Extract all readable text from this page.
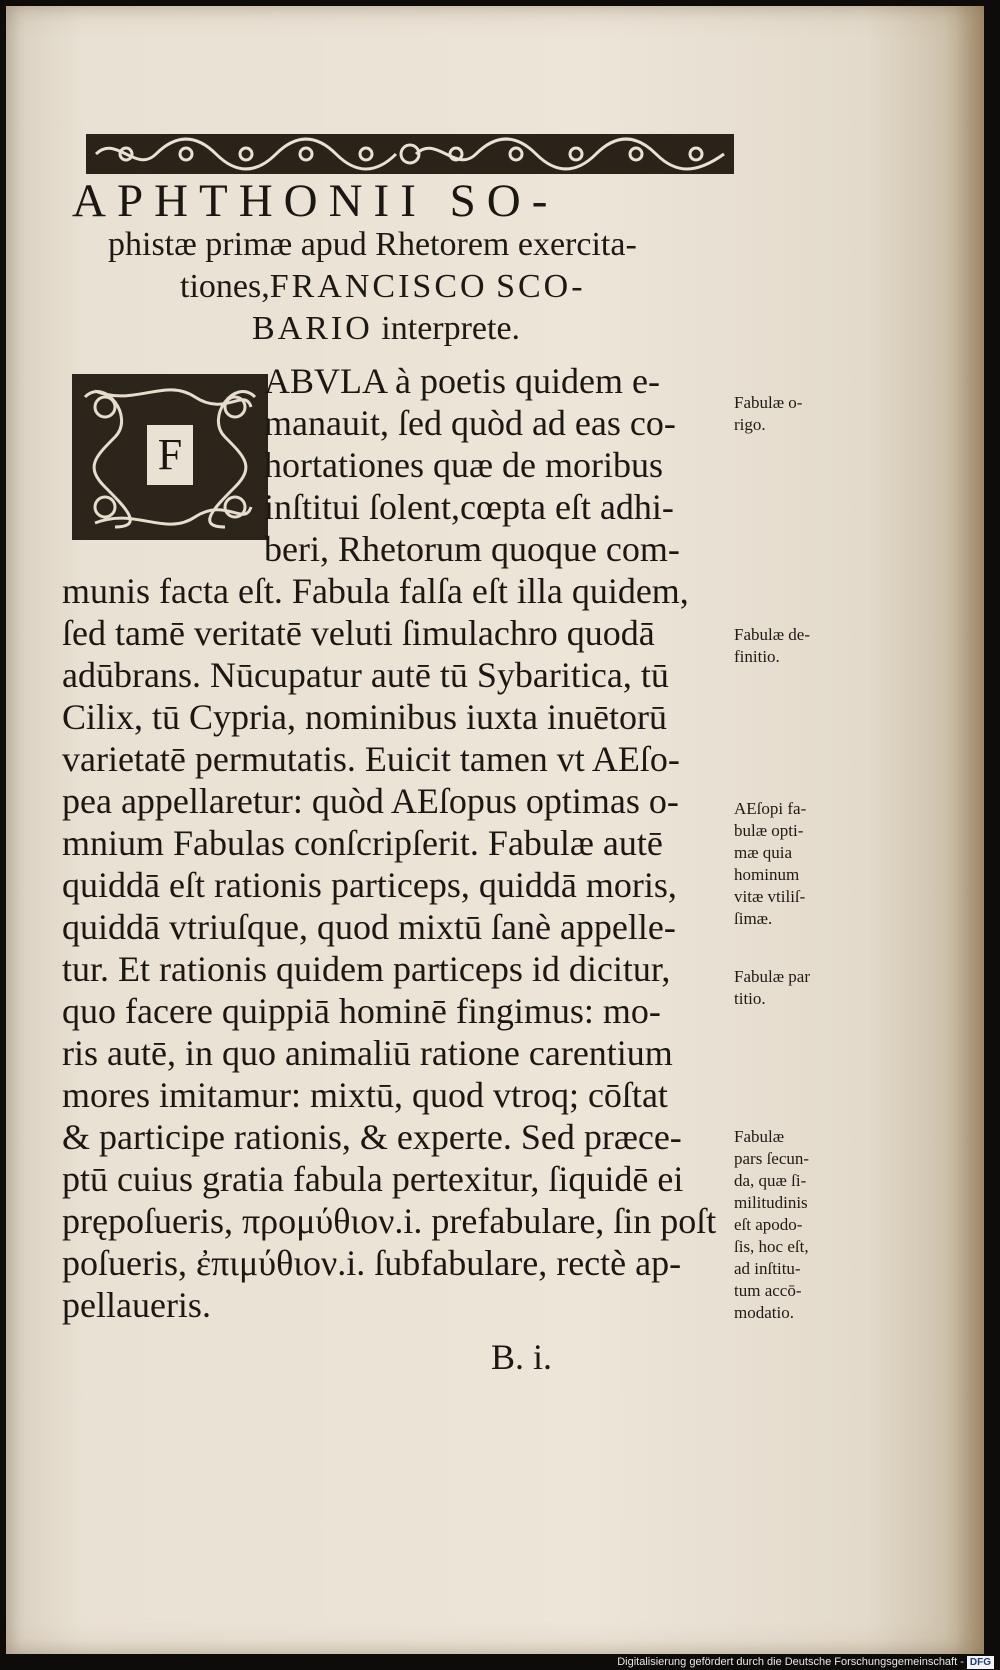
APHTHONII SO-
phistæ primæ apud Rhetorem exercita-
tiones,FRANCISCO SCO-
BARIO interprete.
F
ABVLA à poetis quidem e-
manauit, ſed quòd ad eas co-
hortationes quæ de moribus
inſtitui ſolent,cœpta eſt adhi-
beri, Rhetorum quoque com-
munis facta eſt. Fabula falſa eſt illa quidem,
ſed tamē veritatē veluti ſimulachro quodā
adūbrans. Nūcupatur autē tū Sybaritica, tū
Cilix, tū Cypria, nominibus iuxta inuētorū
varietatē permutatis. Euicit tamen vt AEſo-
pea appellaretur: quòd AEſopus optimas o-
mnium Fabulas conſcripſerit. Fabulæ autē
quiddā eſt rationis particeps, quiddā moris,
quiddā vtriuſque, quod mixtū ſanè appelle-
tur. Et rationis quidem particeps id dicitur,
quo facere quippiā hominē fingimus: mo-
ris autē, in quo animaliū ratione carentium
mores imitamur: mixtū, quod vtroq; cōſtat
& participe rationis, & experte. Sed præce-
ptū cuius gratia fabula pertexitur, ſiquidē ei
prępoſueris, προμύθιον.i. prefabulare, ſin poſt
poſueris, ἐπιμύθιον.i. ſubfabulare, rectè ap-
pellaueris.
Fabulæ o-
rigo.
Fabulæ de-
finitio.
AEſopi fa-
bulæ opti-
mæ quia
hominum
vitæ vtiliſ-
ſimæ.
Fabulæ par
titio.
Fabulæ
pars ſecun-
da, quæ ſi-
militudinis
eſt apodo-
ſis, hoc eſt,
ad inſtitu-
tum accō-
modatio.
B. i.
Digitalisierung gefördert durch die Deutsche Forschungsgemeinschaft - DFG
